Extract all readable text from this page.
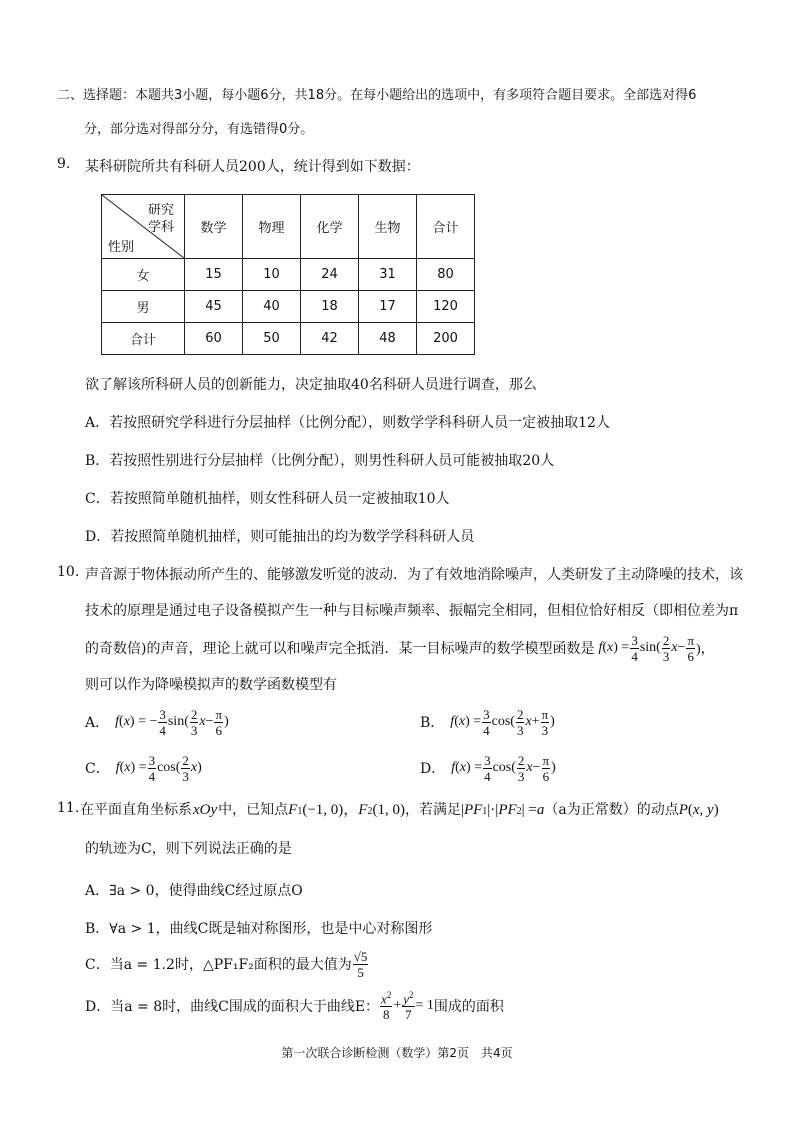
二、选择题：本题共3小题，每小题6分，共18分。在每小题给出的选项中，有多项符合题目要求。全部选对得6
分，部分选对得部分分，有选错得0分。
9. 某科研院所共有科研人员200人，统计得到如下数据：
研究
学科
性别	数学	物理	化学	生物	合计
女	15	10	24	31	80
男	45	40	18	17	120
合计	60	50	42	48	200
欲了解该所科研人员的创新能力，决定抽取40名科研人员进行调查，那么
A．若按照研究学科进行分层抽样（比例分配），则数学学科科研人员一定被抽取12人
B．若按照性别进行分层抽样（比例分配），则男性科研人员可能被抽取20人
C．若按照简单随机抽样，则女性科研人员一定被抽取10人
D．若按照简单随机抽样，则可能抽出的均为数学学科科研人员
10. 声音源于物体振动所产生的、能够激发听觉的波动．为了有效地消除噪声，人类研发了主动降噪的技术，该
技术的原理是通过电子设备模拟产生一种与目标噪声频率、振幅完全相同，但相位恰好相反（即相位差为π
的奇数倍)的声音，理论上就可以和噪声完全抵消．某一目标噪声的数学模型函数是 f ( x ) = $\frac{3}{4} \sin( \frac{2}{3}$ $x - \frac{\pi}{6}$ )，
则可以作为降噪模拟声的数学函数模型有
A． f ( x ) = − $\frac{3}{4} \sin( \frac{2}{3}$ $x - \frac{\pi}{6}$ )	B． f ( x ) = $\frac{3}{4} \cos( \frac{2}{3}$ $x + \frac{\pi}{3}$ )
C． f ( x ) = $\frac{3}{4} \cos( \frac{2}{3}$ x )	D． f ( x ) = $\frac{3}{4} \cos( \frac{2}{3}$ $x - \frac{\pi}{6}$ )
11. 在平面直角坐标系 xOy 中，已知点 F 1 (−1, 0)， F 2 (1, 0) ，若满足 | PF 1 |·| PF 2 | = a （a为正常数）的动点 P ( x, y )
的轨迹为C，则下列说法正确的是
A．∃a > 0，使得曲线C经过原点O
B．∀a > 1，曲线C既是轴对称图形，也是中心对称图形
C．当a = 1.2时，△PF₁F₂面积的最大值为 $\frac{√5}{5}$
D．当a = 8时，曲线C围成的面积大于曲线E： $\frac{x^2}{8} + \frac{y^2}{7} = 1$ 围成的面积
第一次联合诊断检测（数学）第2页　共4页
